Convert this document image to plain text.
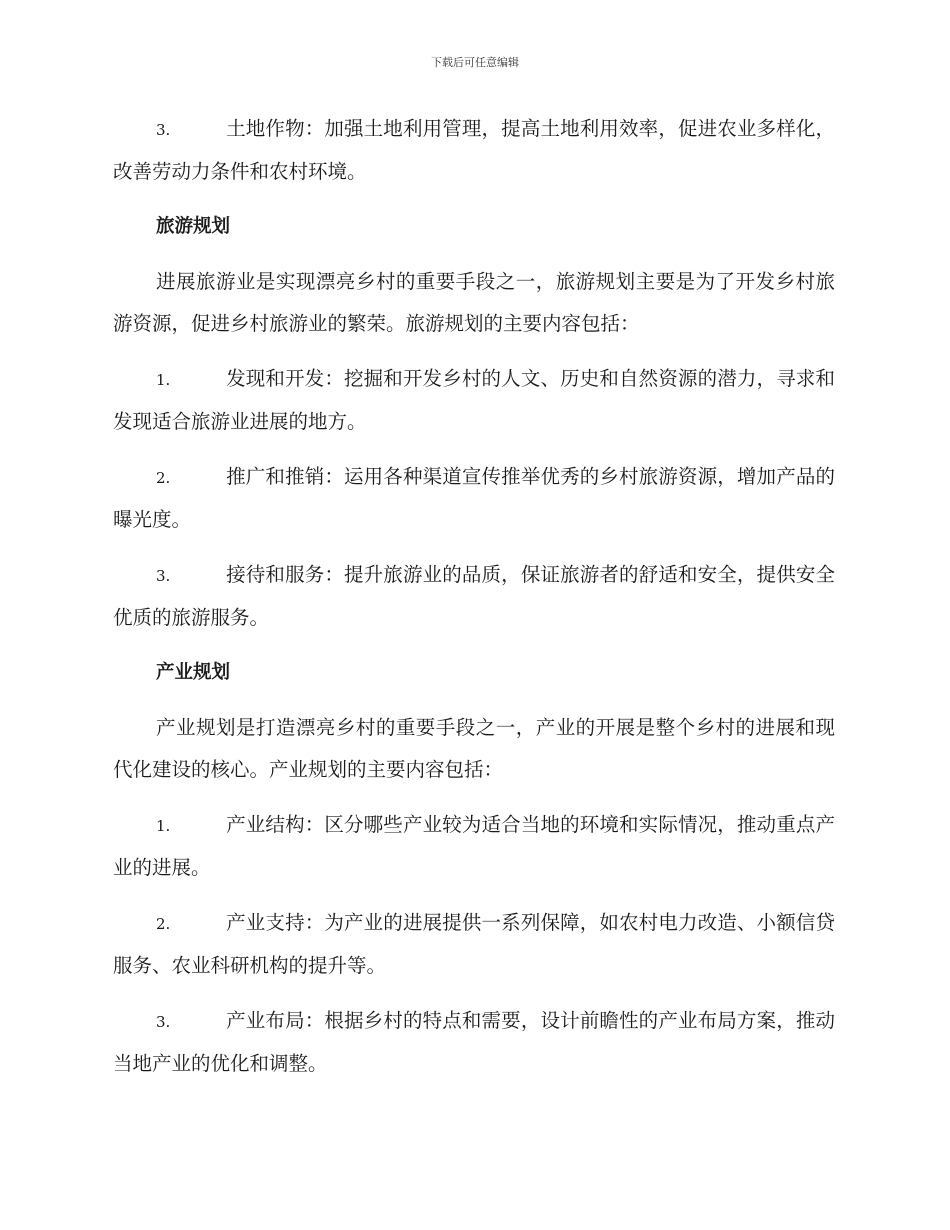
下载后可任意编辑

3.	土地作物：加强土地利用管理，提高土地利用效率，促进农业多样化，改善劳动力条件和农村环境。

旅游规划

进展旅游业是实现漂亮乡村的重要手段之一，旅游规划主要是为了开发乡村旅游资源，促进乡村旅游业的繁荣。旅游规划的主要内容包括：

1.	发现和开发：挖掘和开发乡村的人文、历史和自然资源的潜力，寻求和发现适合旅游业进展的地方。

2.	推广和推销：运用各种渠道宣传推举优秀的乡村旅游资源，增加产品的曝光度。

3.	接待和服务：提升旅游业的品质，保证旅游者的舒适和安全，提供安全优质的旅游服务。

产业规划

产业规划是打造漂亮乡村的重要手段之一，产业的开展是整个乡村的进展和现代化建设的核心。产业规划的主要内容包括：

1.	产业结构：区分哪些产业较为适合当地的环境和实际情况，推动重点产业的进展。

2.	产业支持：为产业的进展提供一系列保障，如农村电力改造、小额信贷服务、农业科研机构的提升等。

3.	产业布局：根据乡村的特点和需要，设计前瞻性的产业布局方案，推动当地产业的优化和调整。
